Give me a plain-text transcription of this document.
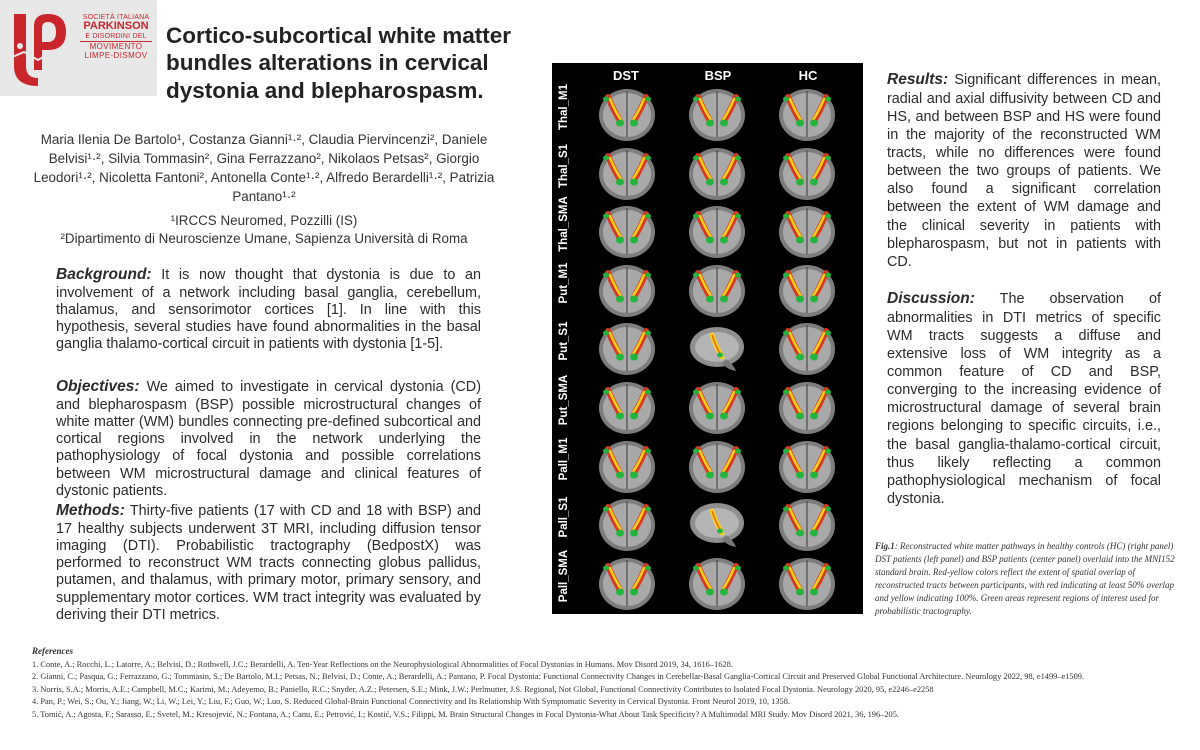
SOCIETÀ ITALIANA
PARKINSON
E DISORDINI DEL
MOVIMENTO
LIMPE-DISMOV
Cortico-subcortical white matter bundles alterations in cervical dystonia and blepharospasm.
Maria Ilenia De Bartolo¹, Costanza Gianni¹·², Claudia Piervincenzi², Daniele Belvisi¹·², Silvia Tommasin², Gina Ferrazzano², Nikolaos Petsas², Giorgio Leodori¹·², Nicoletta Fantoni², Antonella Conte¹·², Alfredo Berardelli¹·², Patrizia Pantano¹·²
¹IRCCS Neuromed, Pozzilli (IS)
²Dipartimento di Neuroscienze Umane, Sapienza Università di Roma
Background: It is now thought that dystonia is due to an involvement of a network including basal ganglia, cerebellum, thalamus, and sensorimotor cortices [1]. In line with this hypothesis, several studies have found abnormalities in the basal ganglia thalamo-cortical circuit in patients with dystonia [1-5].
Objectives: We aimed to investigate in cervical dystonia (CD) and blepharospasm (BSP) possible microstructural changes of white matter (WM) bundles connecting pre-defined subcortical and cortical regions involved in the network underlying the pathophysiology of focal dystonia and possible correlations between WM microstructural damage and clinical features of dystonic patients.
Methods: Thirty-five patients (17 with CD and 18 with BSP) and 17 healthy subjects underwent 3T MRI, including diffusion tensor imaging (DTI). Probabilistic tractography (BedpostX) was performed to reconstruct WM tracts connecting globus pallidus, putamen, and thalamus, with primary motor, primary sensory, and supplementary motor cortices. WM tract integrity was evaluated by deriving their DTI metrics.
DST	BSP	HC
Thal_M1
Thal_S1
Thal_SMA
Put_M1
Put_S1
Put_SMA
Pall_M1
Pall_S1
Pall_SMA
Results: Significant differences in mean, radial and axial diffusivity between CD and HS, and between BSP and HS were found in the majority of the reconstructed WM tracts, while no differences were found between the two groups of patients. We also found a significant correlation between the extent of WM damage and the clinical severity in patients with blepharospasm, but not in patients with CD.
Discussion: The observation of abnormalities in DTI metrics of specific WM tracts suggests a diffuse and extensive loss of WM integrity as a common feature of CD and BSP, converging to the increasing evidence of microstructural damage of several brain regions belonging to specific circuits, i.e., the basal ganglia-thalamo-cortical circuit, thus likely reflecting a common pathophysiological mechanism of focal dystonia.
Fig.1: Reconstructed white matter pathways in healthy controls (HC) (right panel) DST patients (left panel) and BSP patients (center panel) overlaid into the MNI152 standard brain. Red-yellow colors reflect the extent of spatial overlap of reconstructed tracts between participants, with red indicating at least 50% overlap and yellow indicating 100%. Green areas represent regions of interest used for probabilistic tractography.
References
1. Conte, A.; Rocchi, L.; Latorre, A.; Belvisi, D.; Rothwell, J.C.; Berardelli, A. Ten-Year Reflections on the Neurophysiological Abnormalities of Focal Dystonias in Humans. Mov Disord 2019, 34, 1616–1628.
2. Gianni, C.; Pasqua, G.; Ferrazzano, G.; Tommasin, S.; De Bartolo, M.I.; Petsas, N.; Belvisi, D.; Conte, A.; Berardelli, A.; Pantano, P. Focal Dystonia: Functional Connectivity Changes in Cerebellar-Basal Ganglia-Cortical Circuit and Preserved Global Functional Architecture. Neurology 2022, 98, e1499–e1509.
3. Norris, S.A.; Morris, A.E.; Campbell, M.C.; Karimi, M.; Adeyemo, B.; Paniello, R.C.; Snyder, A.Z.; Petersen, S.E.; Mink, J.W.; Perlmutter, J.S. Regional, Not Global, Functional Connectivity Contributes to Isolated Focal Dystonia. Neurology 2020, 95, e2246–e2258
4. Pan, P.; Wei, S.; Ou, Y.; Jiang, W.; Li, W.; Lei, Y.; Liu, F.; Guo, W.; Luo, S. Reduced Global-Brain Functional Connectivity and Its Relationship With Symptomatic Severity in Cervical Dystonia. Front Neurol 2019, 10, 1358.
5. Tomić, A.; Agosta, F.; Sarasso, E.; Svetel, M.; Kresojević, N.; Fontana, A.; Canu, E.; Petrović, I.; Kostić, V.S.; Filippi, M. Brain Structural Changes in Focal Dystonia-What About Task Specificity? A Multimodal MRI Study. Mov Disord 2021, 36, 196–205.
